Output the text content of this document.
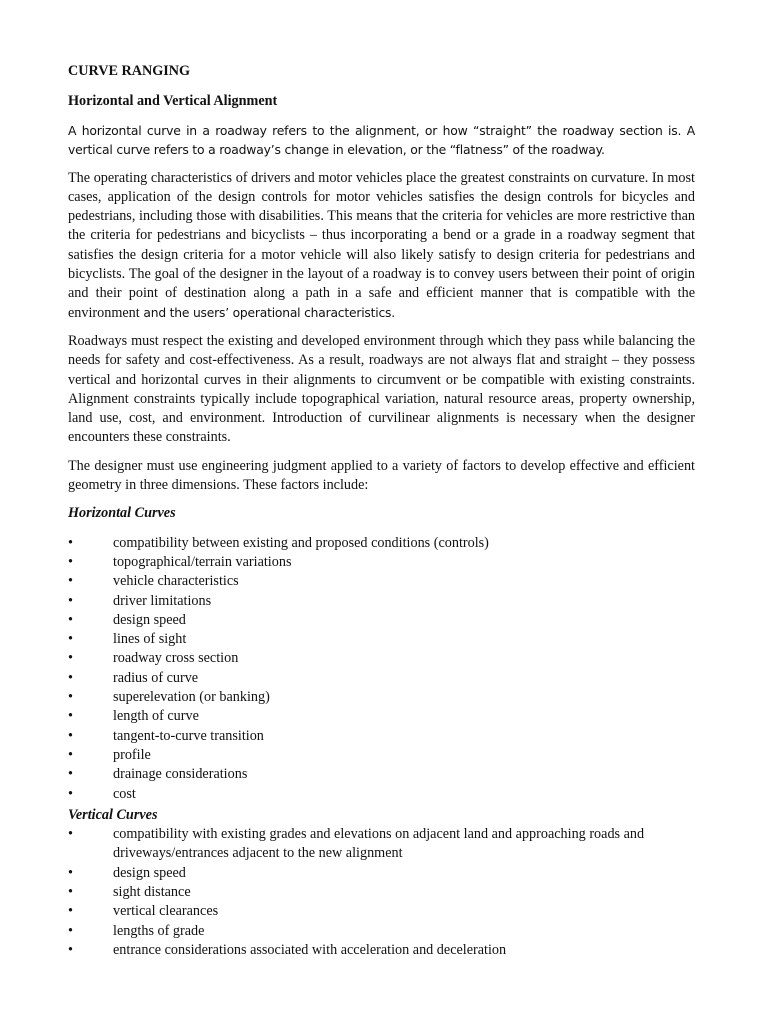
CURVE RANGING
Horizontal and Vertical Alignment

A horizontal curve in a roadway refers to the alignment, or how “straight” the roadway section is. A vertical curve refers to a roadway’s change in elevation, or the “flatness” of the roadway.

The operating characteristics of drivers and motor vehicles place the greatest constraints on curvature. In most cases, application of the design controls for motor vehicles satisfies the design controls for bicycles and pedestrians, including those with disabilities. This means that the criteria for vehicles are more restrictive than the criteria for pedestrians and bicyclists – thus incorporating a bend or a grade in a roadway segment that satisfies the design criteria for a motor vehicle will also likely satisfy to design criteria for pedestrians and bicyclists. The goal of the designer in the layout of a roadway is to convey users between their point of origin and their point of destination along a path in a safe and efficient manner that is compatible with the environment and the users’ operational characteristics.

Roadways must respect the existing and developed environment through which they pass while balancing the needs for safety and cost-effectiveness. As a result, roadways are not always flat and straight – they possess vertical and horizontal curves in their alignments to circumvent or be compatible with existing constraints. Alignment constraints typically include topographical variation, natural resource areas, property ownership, land use, cost, and environment. Introduction of curvilinear alignments is necessary when the designer encounters these constraints.

The designer must use engineering judgment applied to a variety of factors to develop effective and efficient geometry in three dimensions. These factors include:

Horizontal Curves
•	compatibility between existing and proposed conditions (controls)
•	topographical/terrain variations
•	vehicle characteristics
•	driver limitations
•	design speed
•	lines of sight
•	roadway cross section
•	radius of curve
•	superelevation (or banking)
•	length of curve
•	tangent-to-curve transition
•	profile
•	drainage considerations
•	cost
Vertical Curves
•	compatibility with existing grades and elevations on adjacent land and approaching roads and driveways/entrances adjacent to the new alignment
•	design speed
•	sight distance
•	vertical clearances
•	lengths of grade
•	entrance considerations associated with acceleration and deceleration
